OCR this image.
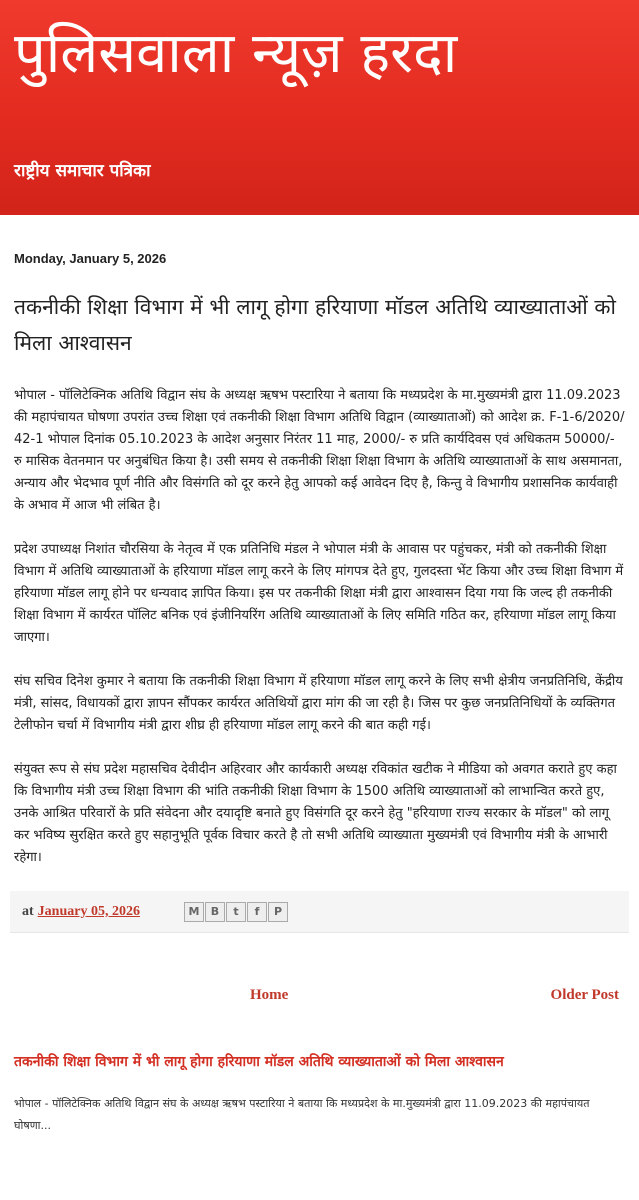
पुलिसवाला न्यूज़ हरदा
राष्ट्रीय समाचार पत्रिका
Monday, January 5, 2026
तकनीकी शिक्षा विभाग में भी लागू होगा हरियाणा मॉडल अतिथि व्याख्याताओं को मिला आश्वासन

भोपाल - पॉलिटेक्निक अतिथि विद्वान संघ के अध्यक्ष ऋषभ पस्टारिया ने बताया कि मध्यप्रदेश के मा.मुख्यमंत्री द्वारा 11.09.2023 की महापंचायत घोषणा उपरांत उच्च शिक्षा एवं तकनीकी शिक्षा विभाग अतिथि विद्वान (व्याख्याताओं) को आदेश क्र. F-1-6/2020/ 42-1 भोपाल दिनांक 05.10.2023 के आदेश अनुसार निरंतर 11 माह, 2000/- रु प्रति कार्यदिवस एवं अधिकतम 50000/- रु मासिक वेतनमान पर अनुबंधित किया है। उसी समय से तकनीकी शिक्षा शिक्षा विभाग के अतिथि व्याख्याताओं के साथ असमानता, अन्याय और भेदभाव पूर्ण नीति और विसंगति को दूर करने हेतु आपको कई आवेदन दिए है, किन्तु वे विभागीय प्रशासनिक कार्यवाही के अभाव में आज भी लंबित है।

प्रदेश उपाध्यक्ष निशांत चौरसिया के नेतृत्व में एक प्रतिनिधि मंडल ने भोपाल मंत्री के आवास पर पहुंचकर, मंत्री को तकनीकी शिक्षा विभाग में अतिथि व्याख्याताओं के हरियाणा मॉडल लागू करने के लिए मांगपत्र देते हुए, गुलदस्ता भेंट किया और उच्च शिक्षा विभाग में हरियाणा मॉडल लागू होने पर धन्यवाद ज्ञापित किया। इस पर तकनीकी शिक्षा मंत्री द्वारा आश्वासन दिया गया कि जल्द ही तकनीकी शिक्षा विभाग में कार्यरत पॉलिट बनिक एवं इंजीनियरिंग अतिथि व्याख्याताओं के लिए समिति गठित कर, हरियाणा मॉडल लागू किया जाएगा।

संघ सचिव दिनेश कुमार ने बताया कि तकनीकी शिक्षा विभाग में हरियाणा मॉडल लागू करने के लिए सभी क्षेत्रीय जनप्रतिनिधि, केंद्रीय मंत्री, सांसद, विधायकों द्वारा ज्ञापन सौंपकर कार्यरत अतिथियों द्वारा मांग की जा रही है। जिस पर कुछ जनप्रतिनिधियों के व्यक्तिगत टेलीफोन चर्चा में विभागीय मंत्री द्वारा शीघ्र ही हरियाणा मॉडल लागू करने की बात कही गई।

संयुक्त रूप से संघ प्रदेश महासचिव देवीदीन अहिरवार और कार्यकारी अध्यक्ष रविकांत खटीक ने मीडिया को अवगत कराते हुए कहा कि विभागीय मंत्री उच्च शिक्षा विभाग की भांति तकनीकी शिक्षा विभाग के 1500 अतिथि व्याख्याताओं को लाभान्वित करते हुए, उनके आश्रित परिवारों के प्रति संवेदना और दयादृष्टि बनाते हुए विसंगति दूर करने हेतु "हरियाणा राज्य सरकार के मॉडल" को लागू कर भविष्य सुरक्षित करते हुए सहानुभूति पूर्वक विचार करते है तो सभी अतिथि व्याख्याता मुख्यमंत्री एवं विभागीय मंत्री के आभारी रहेगा।

at January 05, 2026	M	B	t	f	P
Home	Older Post
तकनीकी शिक्षा विभाग में भी लागू होगा हरियाणा मॉडल अतिथि व्याख्याताओं को मिला आश्वासन
भोपाल - पॉलिटेक्निक अतिथि विद्वान संघ के अध्यक्ष ऋषभ पस्टारिया ने बताया कि मध्यप्रदेश के मा.मुख्यमंत्री द्वारा 11.09.2023 की महापंचायत घोषणा...
